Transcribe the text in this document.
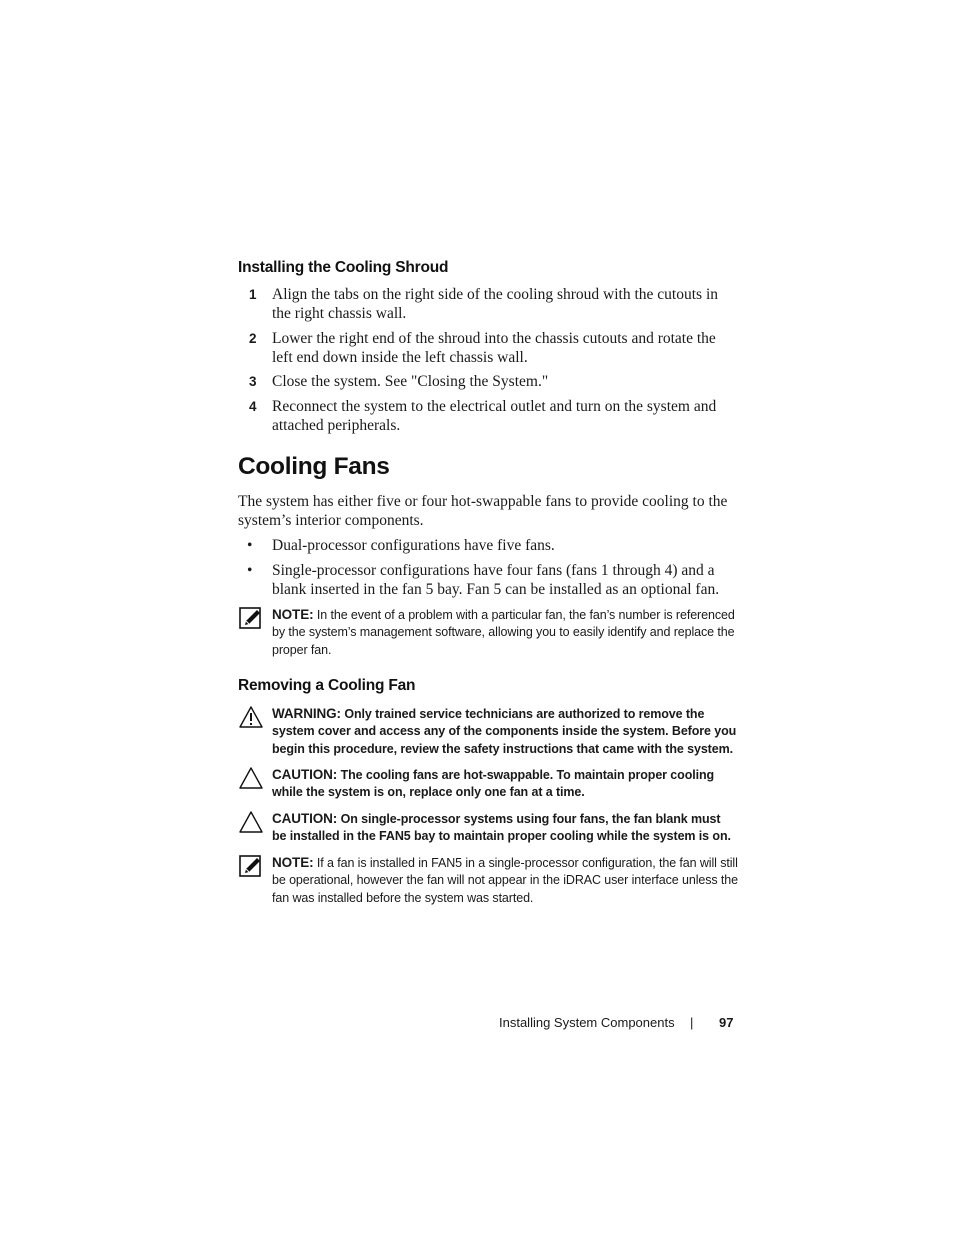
Installing the Cooling Shroud
1 Align the tabs on the right side of the cooling shroud with the cutouts in the right chassis wall.
2 Lower the right end of the shroud into the chassis cutouts and rotate the left end down inside the left chassis wall.
3 Close the system. See "Closing the System."
4 Reconnect the system to the electrical outlet and turn on the system and attached peripherals.
Cooling Fans
The system has either five or four hot-swappable fans to provide cooling to the system’s interior components.
• Dual-processor configurations have five fans.
• Single-processor configurations have four fans (fans 1 through 4) and a blank inserted in the fan 5 bay. Fan 5 can be installed as an optional fan.
NOTE: In the event of a problem with a particular fan, the fan’s number is referenced by the system’s management software, allowing you to easily identify and replace the proper fan.
Removing a Cooling Fan
WARNING: Only trained service technicians are authorized to remove the system cover and access any of the components inside the system. Before you begin this procedure, review the safety instructions that came with the system.
CAUTION: The cooling fans are hot-swappable. To maintain proper cooling while the system is on, replace only one fan at a time.
CAUTION: On single-processor systems using four fans, the fan blank must be installed in the FAN5 bay to maintain proper cooling while the system is on.
NOTE: If a fan is installed in FAN5 in a single-processor configuration, the fan will still be operational, however the fan will not appear in the iDRAC user interface unless the fan was installed before the system was started.
Installing System Components | 97
